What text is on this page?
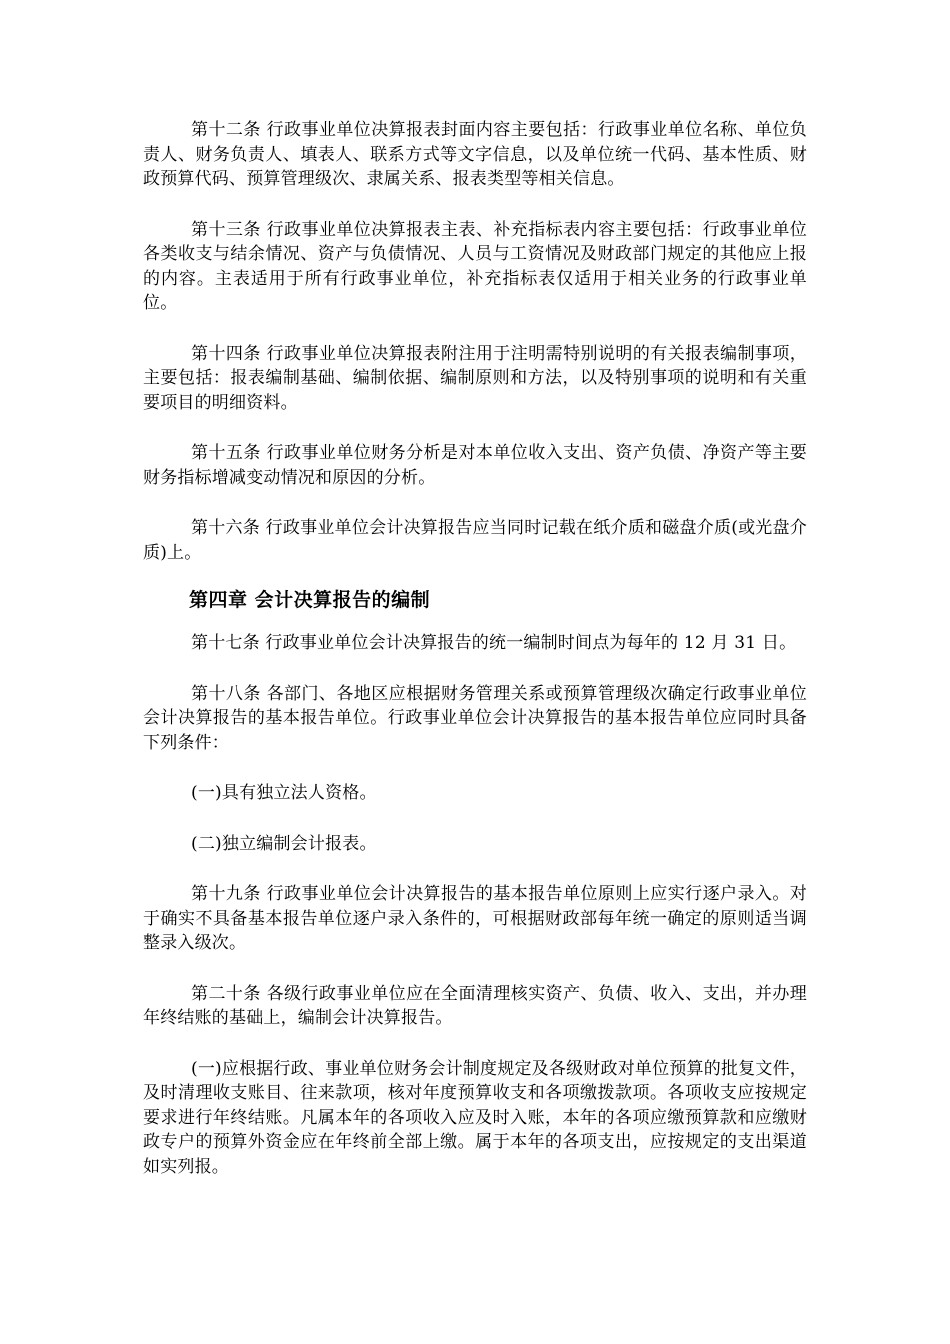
第十二条 行政事业单位决算报表封面内容主要包括：行政事业单位名称、单位负责人、财务负责人、填表人、联系方式等文字信息，以及单位统一代码、基本性质、财政预算代码、预算管理级次、隶属关系、报表类型等相关信息。

第十三条 行政事业单位决算报表主表、补充指标表内容主要包括：行政事业单位各类收支与结余情况、资产与负债情况、人员与工资情况及财政部门规定的其他应上报的内容。主表适用于所有行政事业单位，补充指标表仅适用于相关业务的行政事业单位。

第十四条 行政事业单位决算报表附注用于注明需特别说明的有关报表编制事项，主要包括：报表编制基础、编制依据、编制原则和方法，以及特别事项的说明和有关重要项目的明细资料。

第十五条 行政事业单位财务分析是对本单位收入支出、资产负债、净资产等主要财务指标增减变动情况和原因的分析。

第十六条 行政事业单位会计决算报告应当同时记载在纸介质和磁盘介质(或光盘介质)上。

第四章 会计决算报告的编制

第十七条 行政事业单位会计决算报告的统一编制时间点为每年的 12 月 31 日。

第十八条 各部门、各地区应根据财务管理关系或预算管理级次确定行政事业单位会计决算报告的基本报告单位。行政事业单位会计决算报告的基本报告单位应同时具备下列条件：

(一)具有独立法人资格。

(二)独立编制会计报表。

第十九条 行政事业单位会计决算报告的基本报告单位原则上应实行逐户录入。对于确实不具备基本报告单位逐户录入条件的，可根据财政部每年统一确定的原则适当调整录入级次。

第二十条 各级行政事业单位应在全面清理核实资产、负债、收入、支出，并办理年终结账的基础上，编制会计决算报告。

(一)应根据行政、事业单位财务会计制度规定及各级财政对单位预算的批复文件，及时清理收支账目、往来款项，核对年度预算收支和各项缴拨款项。各项收支应按规定要求进行年终结账。凡属本年的各项收入应及时入账，本年的各项应缴预算款和应缴财政专户的预算外资金应在年终前全部上缴。属于本年的各项支出，应按规定的支出渠道如实列报。
